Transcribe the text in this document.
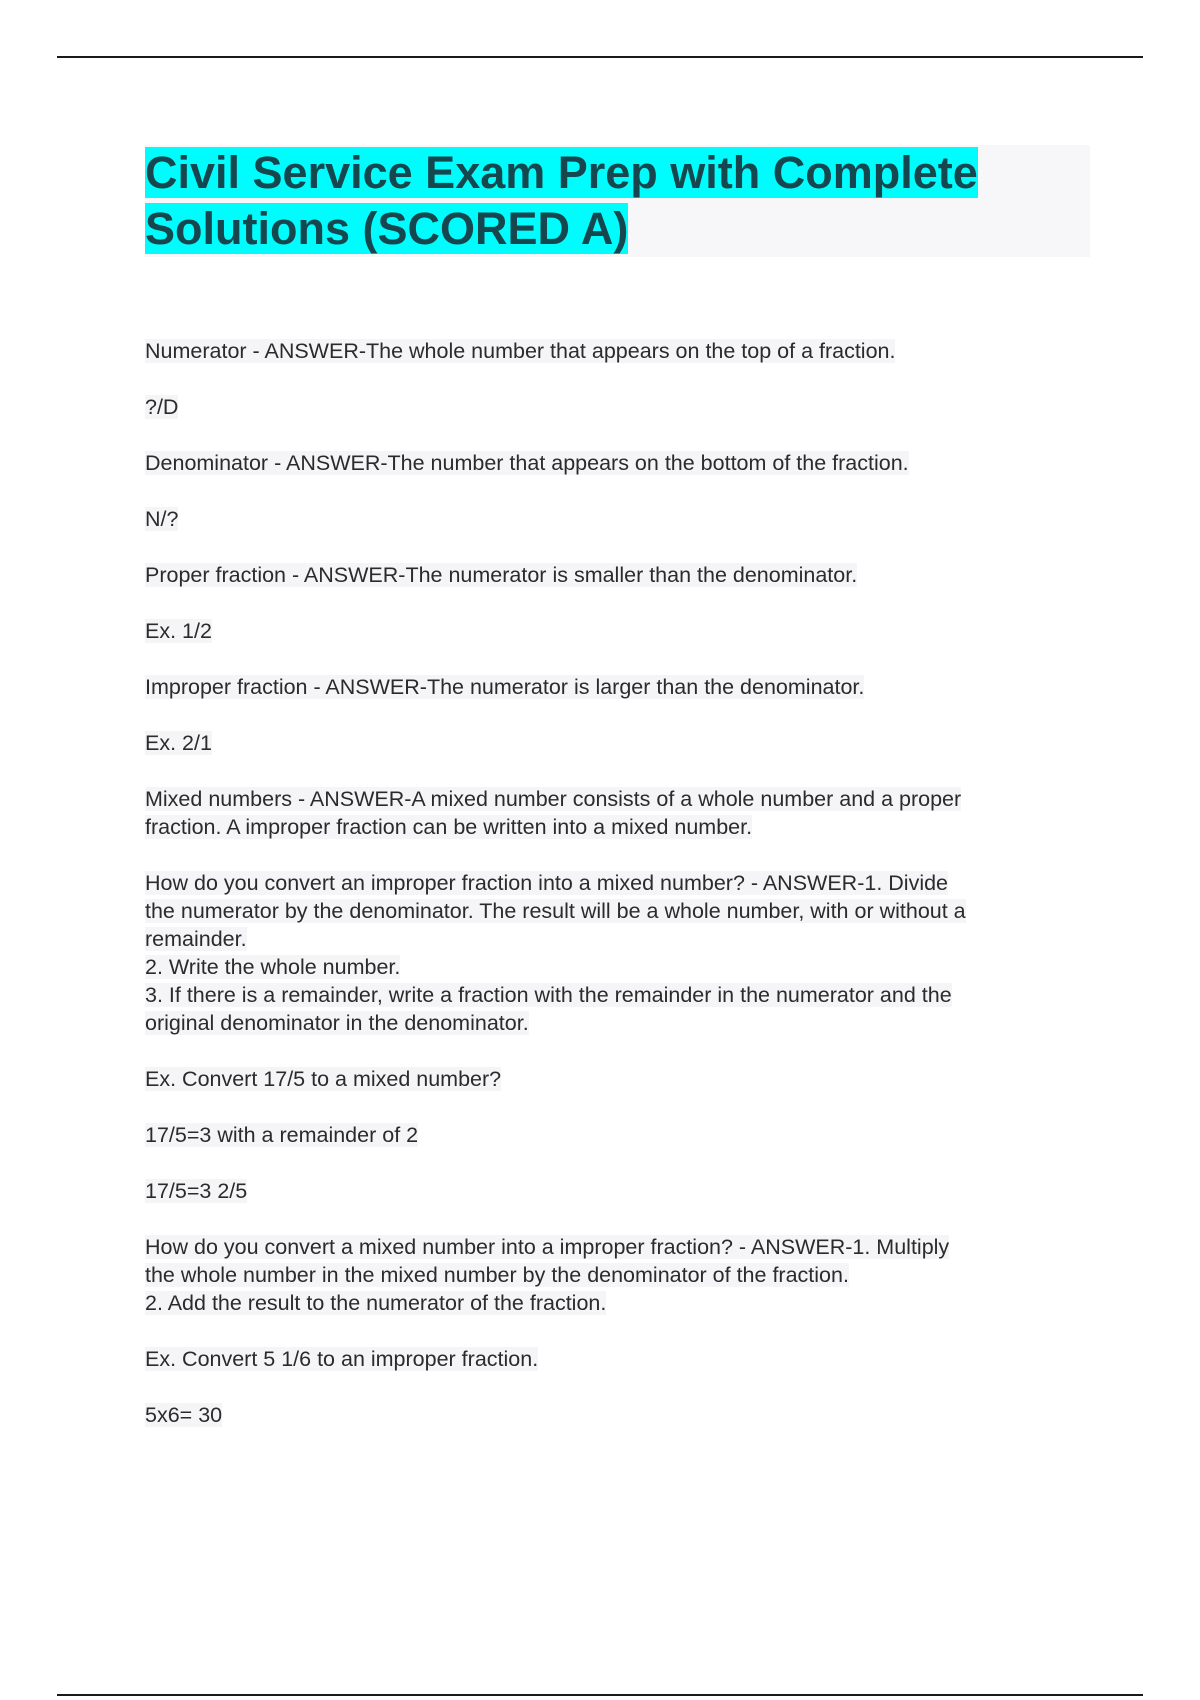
Civil Service Exam Prep with Complete
Solutions (SCORED A)
Numerator - ANSWER-The whole number that appears on the top of a fraction.
?/D
Denominator - ANSWER-The number that appears on the bottom of the fraction.
N/?
Proper fraction - ANSWER-The numerator is smaller than the denominator.
Ex. 1/2
Improper fraction - ANSWER-The numerator is larger than the denominator.
Ex. 2/1
Mixed numbers - ANSWER-A mixed number consists of a whole number and a proper
fraction. A improper fraction can be written into a mixed number.
How do you convert an improper fraction into a mixed number? - ANSWER-1. Divide
the numerator by the denominator. The result will be a whole number, with or without a
remainder.
2. Write the whole number.
3. If there is a remainder, write a fraction with the remainder in the numerator and the
original denominator in the denominator.
Ex. Convert 17/5 to a mixed number?
17/5=3 with a remainder of 2
17/5=3 2/5
How do you convert a mixed number into a improper fraction? - ANSWER-1. Multiply
the whole number in the mixed number by the denominator of the fraction.
2. Add the result to the numerator of the fraction.
Ex. Convert 5 1/6 to an improper fraction.
5x6= 30
